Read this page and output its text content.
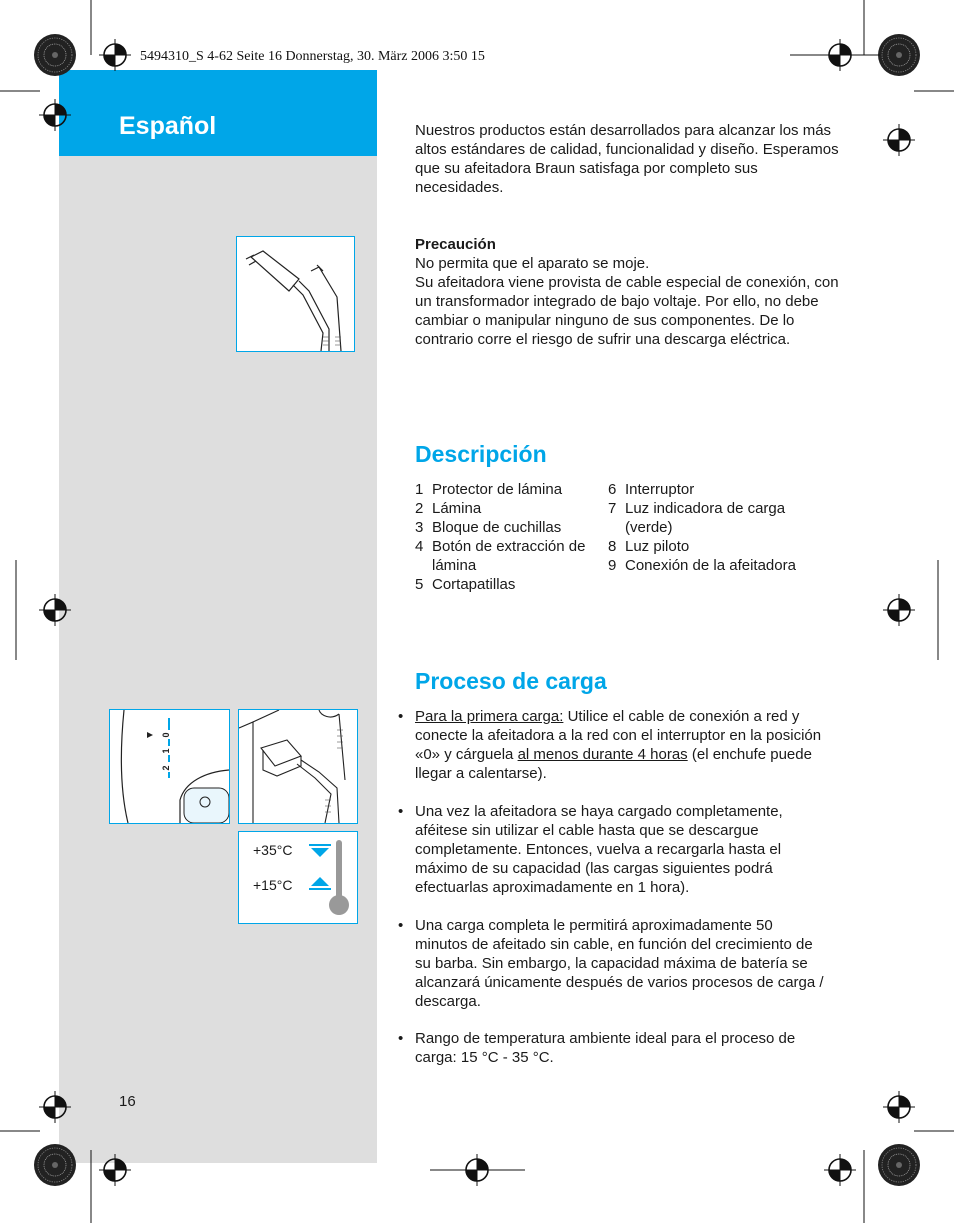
Español
5494310_S 4-62 Seite 16 Donnerstag, 30. März 2006 3:50 15
Nuestros productos están desarrollados para alcanzar los más altos estándares de calidad, funcionalidad y diseño. Esperamos que su afeitadora Braun satisfaga por completo sus necesidades.
Precaución
No permita que el aparato se moje.
Su afeitadora viene provista de cable especial de conexión, con un transformador integrado de bajo voltaje. Por ello, no debe cambiar o manipular ninguno de sus componentes. De lo contrario corre el riesgo de sufrir una descarga eléctrica.
Descripción
1 Protector de lámina
2 Lámina
3 Bloque de cuchillas
4 Botón de extracción de lámina
5 Cortapatillas
6 Interruptor
7 Luz indicadora de carga (verde)
8 Luz piloto
9 Conexión de la afeitadora
Proceso de carga
• Para la primera carga: Utilice el cable de conexión a red y conecte la afeitadora a la red con el interruptor en la posición «0» y cárguela al menos durante 4 horas (el enchufe puede llegar a calentarse).
• Una vez la afeitadora se haya cargado completamente, aféitese sin utilizar el cable hasta que se descargue completamente. Entonces, vuelva a recargarla hasta el máximo de su capacidad (las cargas siguientes podrá efectuarlas aproximadamente en 1 hora).
• Una carga completa le permitirá aproximadamente 50 minutos de afeitado sin cable, en función del crecimiento de su barba. Sin embargo, la capacidad máxima de batería se alcanzará únicamente después de varios procesos de carga / descarga.
• Rango de temperatura ambiente ideal para el proceso de carga: 15 °C - 35 °C.
0
1
2
+35°C
+15°C
16
